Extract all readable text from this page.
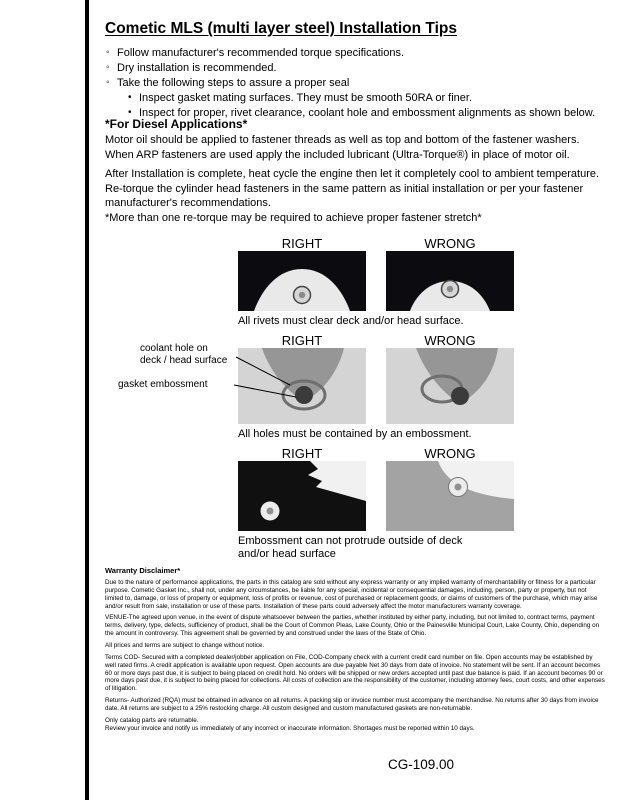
Cometic MLS (multi layer steel) Installation Tips
◦ Follow manufacturer's recommended torque specifications.
◦ Dry installation is recommended.
◦ Take the following steps to assure a proper seal
• Inspect gasket mating surfaces. They must be smooth 50RA or finer.
• Inspect for proper, rivet clearance, coolant hole and embossment alignments as shown below.
*For Diesel Applications*

Motor oil should be applied to fastener threads as well as top and bottom of the fastener washers. When ARP fasteners are used apply the included lubricant (Ultra-Torque®) in place of motor oil.

After Installation is complete, heat cycle the engine then let it completely cool to ambient temperature. Re-torque the cylinder head fasteners in the same pattern as initial installation or per your fastener manufacturer's recommendations.

*More than one re-torque may be required to achieve proper fastener stretch*

RIGHT	WRONG
All rivets must clear deck and/or head surface.
coolant hole on
deck / head surface
gasket embossment
RIGHT	WRONG
All holes must be contained by an embossment.
RIGHT	WRONG
Embossment can not protrude outside of deck and/or head surface
Warranty Disclaimer*

Due to the nature of performance applications, the parts in this catalog are sold without any express warranty or any implied warranty of merchantability or fitness for a particular purpose. Cometic Gasket Inc., shall not, under any circumstances, be liable for any special, incidental or consequential damages, including, person, party or property, but not limited to, damage, or loss of property or equipment, loss of profits or revenue, cost of purchased or replacement goods, or claims of customers of the purchase, which may arise and/or result from sale, installation or use of these parts. Installation of these parts could adversely affect the motor manufacturers warranty coverage.

VENUE-The agreed upon venue, in the event of dispute whatsoever between the parties, whether instituted by either party, including, but not limited to, contract terms, payment terms, delivery, type, defects, sufficiency of product, shall be the Court of Common Pleas, Lake County, Ohio or the Painesville Municipal Court, Lake County, Ohio, depending on the amount in controversy. This agreement shall be governed by and construed under the laws of the State of Ohio.

All prices and terms are subject to change without notice.

Terms COD- Secured with a completed dealer/jobber application on File, COD-Company check with a current credit card number on file. Open accounts may be established by well rated firms. A credit application is available upon request. Open accounts are due payable Net 30 days from date of invoice. No statement will be sent. If an account becomes 60 or more days past due, it is subject to being placed on credit hold. No orders will be shipped or new orders accepted until past due balance is paid. If an account becomes 90 or more days past due, it is subject to being placed for collections. All costs of collection are the responsibility of the customer, including attorney fees, court costs, and other expenses of litigation.

Returns- Authorized (RQA) must be obtained in advance on all returns. A packing slip or invoice number must accompany the merchandise. No returns after 30 days from invoice date. All returns are subject to a 25% restocking charge. All custom designed and custom manufactured gaskets are non-returnable.

Only catalog parts are returnable.

Review your invoice and notify us immediately of any incorrect or inaccurate information. Shortages must be reported within 10 days.

CG-109.00
